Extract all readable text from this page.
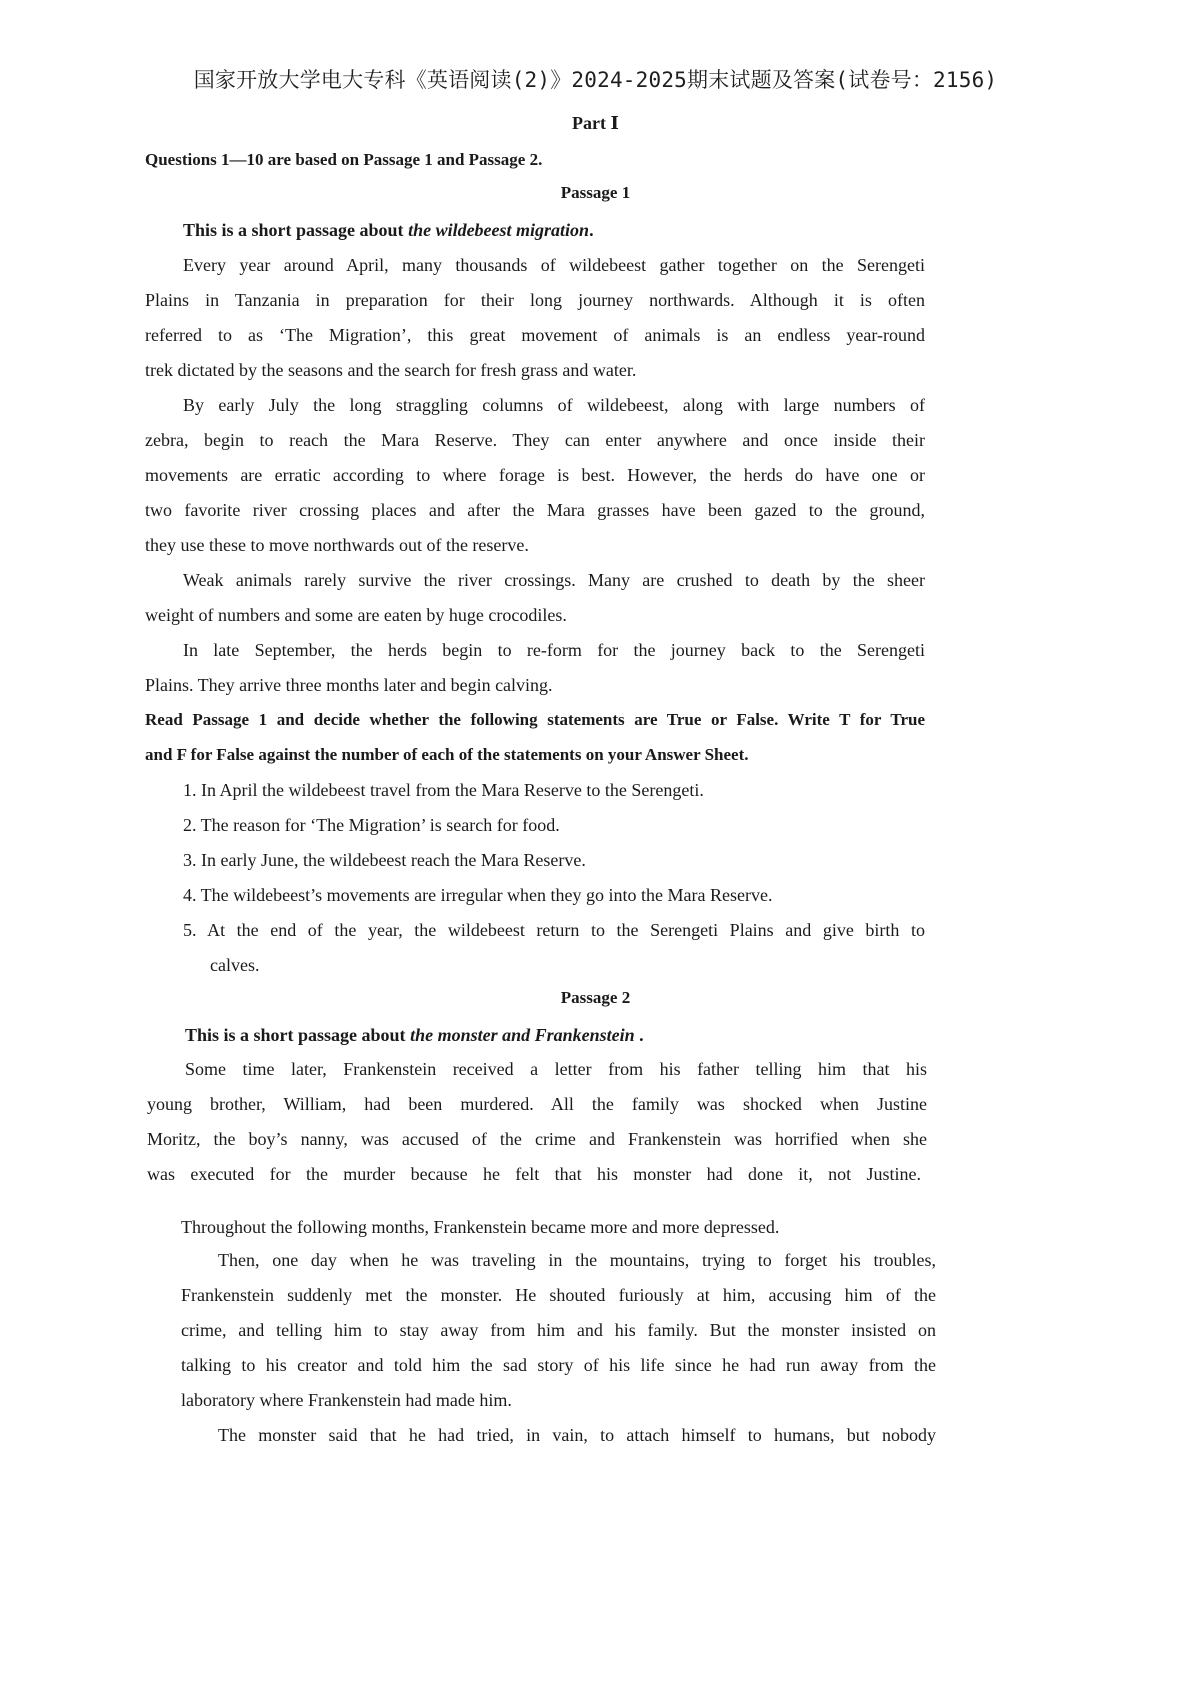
国家开放大学电大专科《英语阅读(2)》2024-2025期末试题及答案(试卷号：2156)
Part Ⅰ
Questions 1—10 are based on Passage 1 and Passage 2.
Passage 1
This is a short passage about the wildebeest migration.
Every year around April, many thousands of wildebeest gather together on the Serengeti
Plains in Tanzania in preparation for their long journey northwards. Although it is often
referred to as ‘The Migration’, this great movement of animals is an endless year-round
trek dictated by the seasons and the search for fresh grass and water.
By early July the long straggling columns of wildebeest, along with large numbers of
zebra, begin to reach the Mara Reserve. They can enter anywhere and once inside their
movements are erratic according to where forage is best. However, the herds do have one or
two favorite river crossing places and after the Mara grasses have been gazed to the ground,
they use these to move northwards out of the reserve.
Weak animals rarely survive the river crossings. Many are crushed to death by the sheer
weight of numbers and some are eaten by huge crocodiles.
In late September, the herds begin to re-form for the journey back to the Serengeti
Plains. They arrive three months later and begin calving.
Read Passage 1 and decide whether the following statements are True or False. Write T for True
and F for False against the number of each of the statements on your Answer Sheet.
1. In April the wildebeest travel from the Mara Reserve to the Serengeti.
2. The reason for ‘The Migration’ is search for food.
3. In early June, the wildebeest reach the Mara Reserve.
4. The wildebeest’s movements are irregular when they go into the Mara Reserve.
5. At the end of the year, the wildebeest return to the Serengeti Plains and give birth to
calves.
Passage 2
This is a short passage about the monster and Frankenstein .
Some time later, Frankenstein received a letter from his father telling him that his
young brother, William, had been murdered. All the family was shocked when Justine
Moritz, the boy’s nanny, was accused of the crime and Frankenstein was horrified when she
was executed for the murder because he felt that his monster had done it, not Justine.
Throughout the following months, Frankenstein became more and more depressed.
Then, one day when he was traveling in the mountains, trying to forget his troubles,
Frankenstein suddenly met the monster. He shouted furiously at him, accusing him of the
crime, and telling him to stay away from him and his family. But the monster insisted on
talking to his creator and told him the sad story of his life since he had run away from the
laboratory where Frankenstein had made him.
The monster said that he had tried, in vain, to attach himself to humans, but nobody
